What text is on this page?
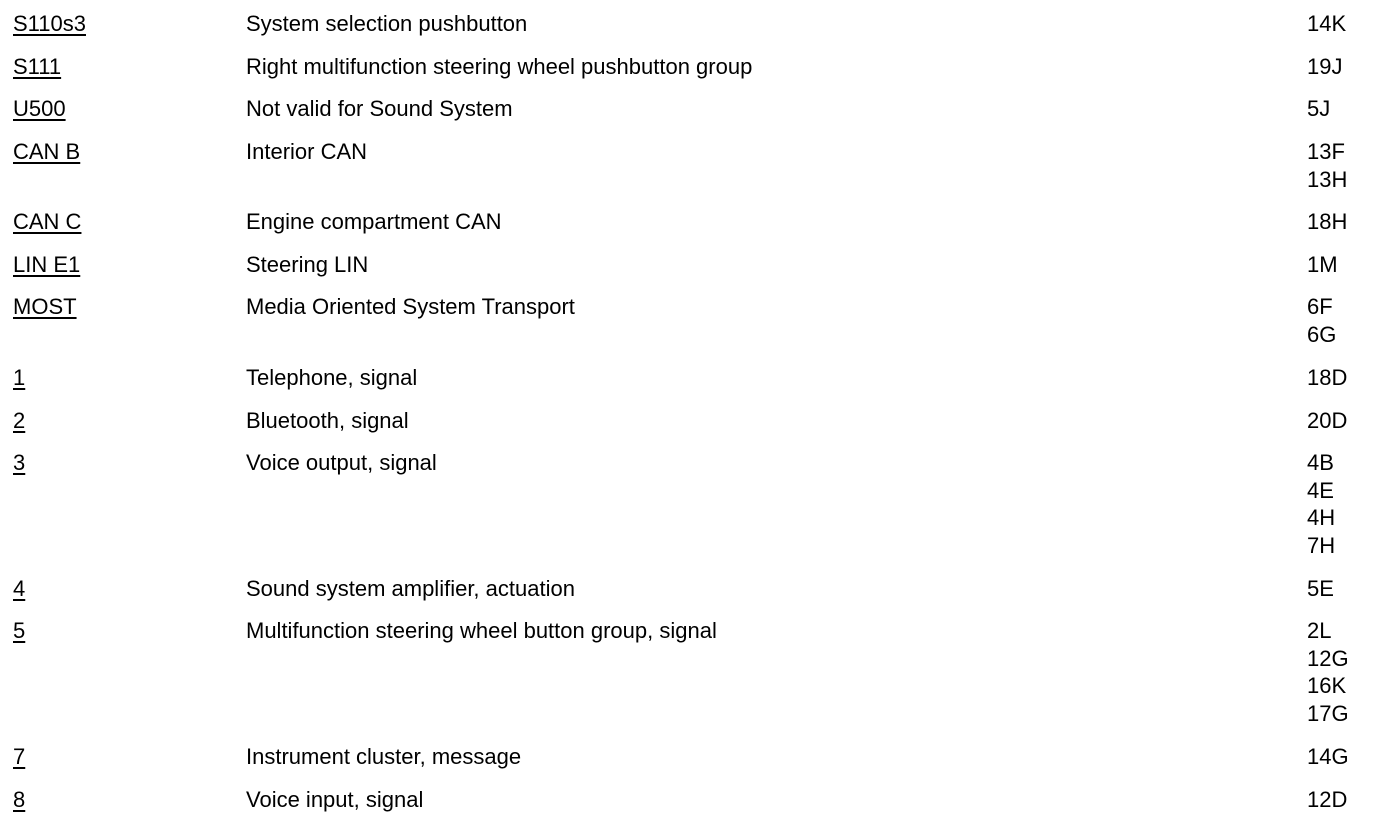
S110s3	System selection pushbutton	14K
S111	Right multifunction steering wheel pushbutton group	19J
U500	Not valid for Sound System	5J
CAN B	Interior CAN	13F
13H
CAN C	Engine compartment CAN	18H
LIN E1	Steering LIN	1M
MOST	Media Oriented System Transport	6F
6G
1	Telephone, signal	18D
2	Bluetooth, signal	20D
3	Voice output, signal	4B
4E
4H
7H
4	Sound system amplifier, actuation	5E
5	Multifunction steering wheel button group, signal	2L
12G
16K
17G
7	Instrument cluster, message	14G
8	Voice input, signal	12D
